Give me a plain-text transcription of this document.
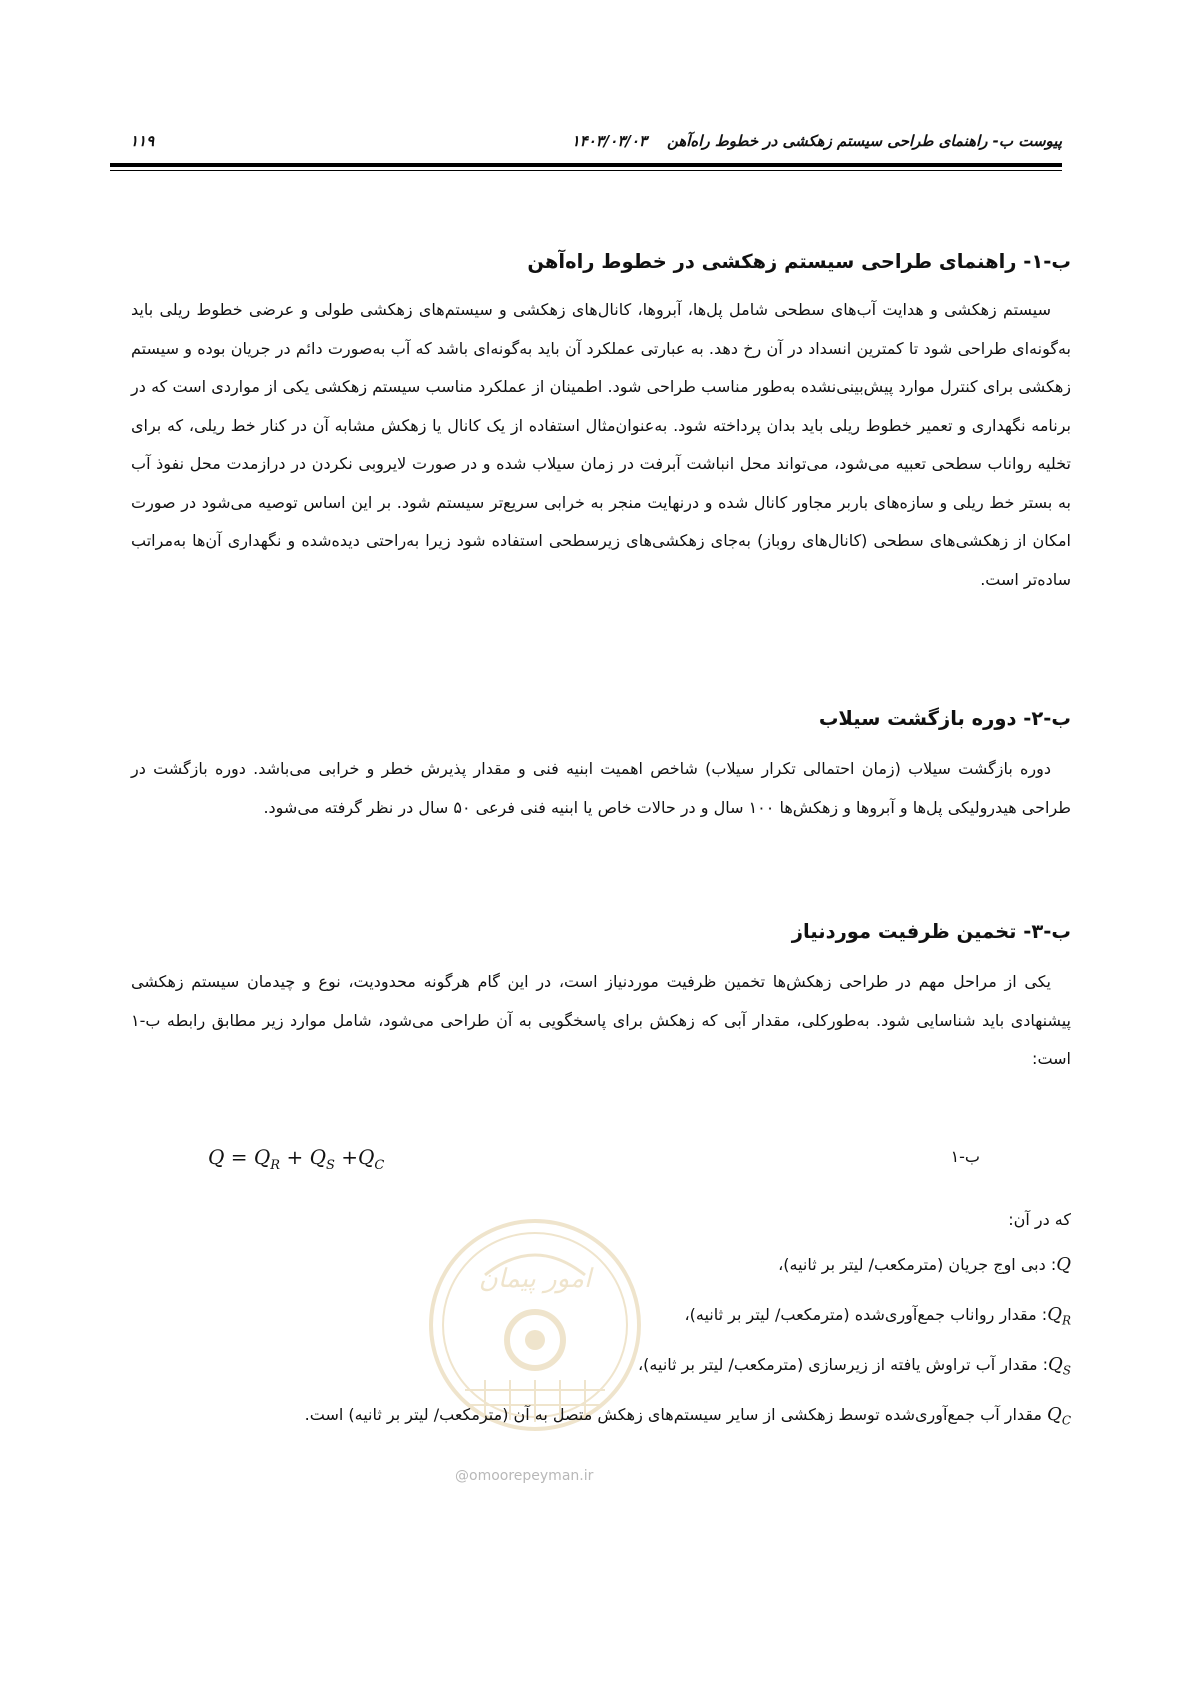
پیوست ب- راهنمای طراحی سیستم زهکشی در خطوط راه‌آهن
۱۴۰۳/۰۳/۰۳
۱۱۹
امور پیمان
@omoorepeyman.ir
ب-۱- راهنمای طراحی سیستم زهکشی در خطوط راه‌آهن

سیستم زهکشی و هدایت آب‌های سطحی شامل پل‌ها، آبروها، کانال‌های زهکشی و سیستم‌های زهکشی طولی و عرضی خطوط ریلی باید به‌گونه‌ای طراحی شود تا کمترین انسداد در آن رخ دهد. به عبارتی عملکرد آن باید به‌گونه‌ای باشد که آب به‌صورت دائم در جریان بوده و سیستم زهکشی برای کنترل موارد پیش‌بینی‌نشده به‌طور مناسب طراحی شود. اطمینان از عملکرد مناسب سیستم زهکشی یکی از مواردی است که در برنامه نگهداری و تعمیر خطوط ریلی باید بدان پرداخته شود. به‌عنوان‌مثال استفاده از یک کانال یا زهکش مشابه آن در کنار خط ریلی، که برای تخلیه رواناب سطحی تعبیه می‌شود، می‌تواند محل انباشت آبرفت در زمان سیلاب شده و در صورت لایروبی نکردن در درازمدت محل نفوذ آب به بستر خط ریلی و سازه‌های باربر مجاور کانال شده و درنهایت منجر به خرابی سریع‌تر سیستم شود. بر این اساس توصیه می‌شود در صورت امکان از زهکشی‌های سطحی (کانال‌های روباز) به‌جای زهکشی‌های زیرسطحی استفاده شود زیرا به‌راحتی دیده‌شده و نگهداری آن‌ها به‌مراتب ساده‌تر است.

ب-۲- دوره بازگشت سیلاب

دوره بازگشت سیلاب (زمان احتمالی تکرار سیلاب) شاخص اهمیت ابنیه فنی و مقدار پذیرش خطر و خرابی می‌باشد. دوره بازگشت در طراحی هیدرولیکی پل‌ها و آبروها و زهکش‌ها ۱۰۰ سال و در حالات خاص یا ابنیه فنی فرعی ۵۰ سال در نظر گرفته می‌شود.

ب-۳- تخمین ظرفیت موردنیاز

یکی از مراحل مهم در طراحی زهکش‌ها تخمین ظرفیت موردنیاز است، در این گام هرگونه محدودیت، نوع و چیدمان سیستم زهکشی پیشنهادی باید شناسایی شود. به‌طورکلی، مقدار آبی که زهکش برای پاسخگویی به آن طراحی می‌شود، شامل موارد زیر مطابق رابطه ب-۱ است:

$Q = Q_R + Q_S +Q_C$	ب-۱
که در آن:
Q: دبی اوج جریان (مترمکعب/ لیتر بر ثانیه)،
$Q_R$: مقدار رواناب جمع‌آوری‌شده (مترمکعب/ لیتر بر ثانیه)،
$Q_S$: مقدار آب تراوش یافته از زیرسازی (مترمکعب/ لیتر بر ثانیه)،
$Q_C$ مقدار آب جمع‌آوری‌شده توسط زهکشی از سایر سیستم‌های زهکش متصل به آن (مترمکعب/ لیتر بر ثانیه) است.
